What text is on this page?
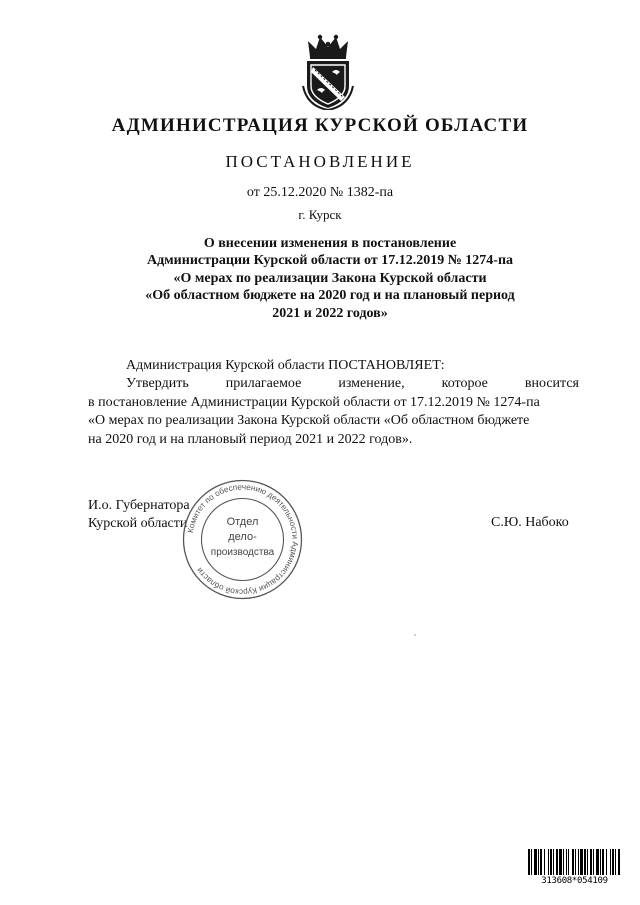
АДМИНИСТРАЦИЯ КУРСКОЙ ОБЛАСТИ
ПОСТАНОВЛЕНИЕ
от 25.12.2020 № 1382-па
г. Курск
О внесении изменения в постановление
Администрации Курской области от 17.12.2019 № 1274-па
«О мерах по реализации Закона Курской области
«Об областном бюджете на 2020 год и на плановый период
2021 и 2022 годов»
Администрация Курской области ПОСТАНОВЛЯЕТ:
Утвердить	прилагаемое	изменение,	которое	вносится
в постановление Администрации Курской области от 17.12.2019 № 1274-па
«О мерах по реализации Закона Курской области «Об областном бюджете
на 2020 год и на плановый период 2021 и 2022 годов».
И.о. Губернатора
Курской области	С.Ю. Набоко
Комитет по обеспечению деятельности Администрации Курской области
Отдел
дело-
производства
313608*054109
